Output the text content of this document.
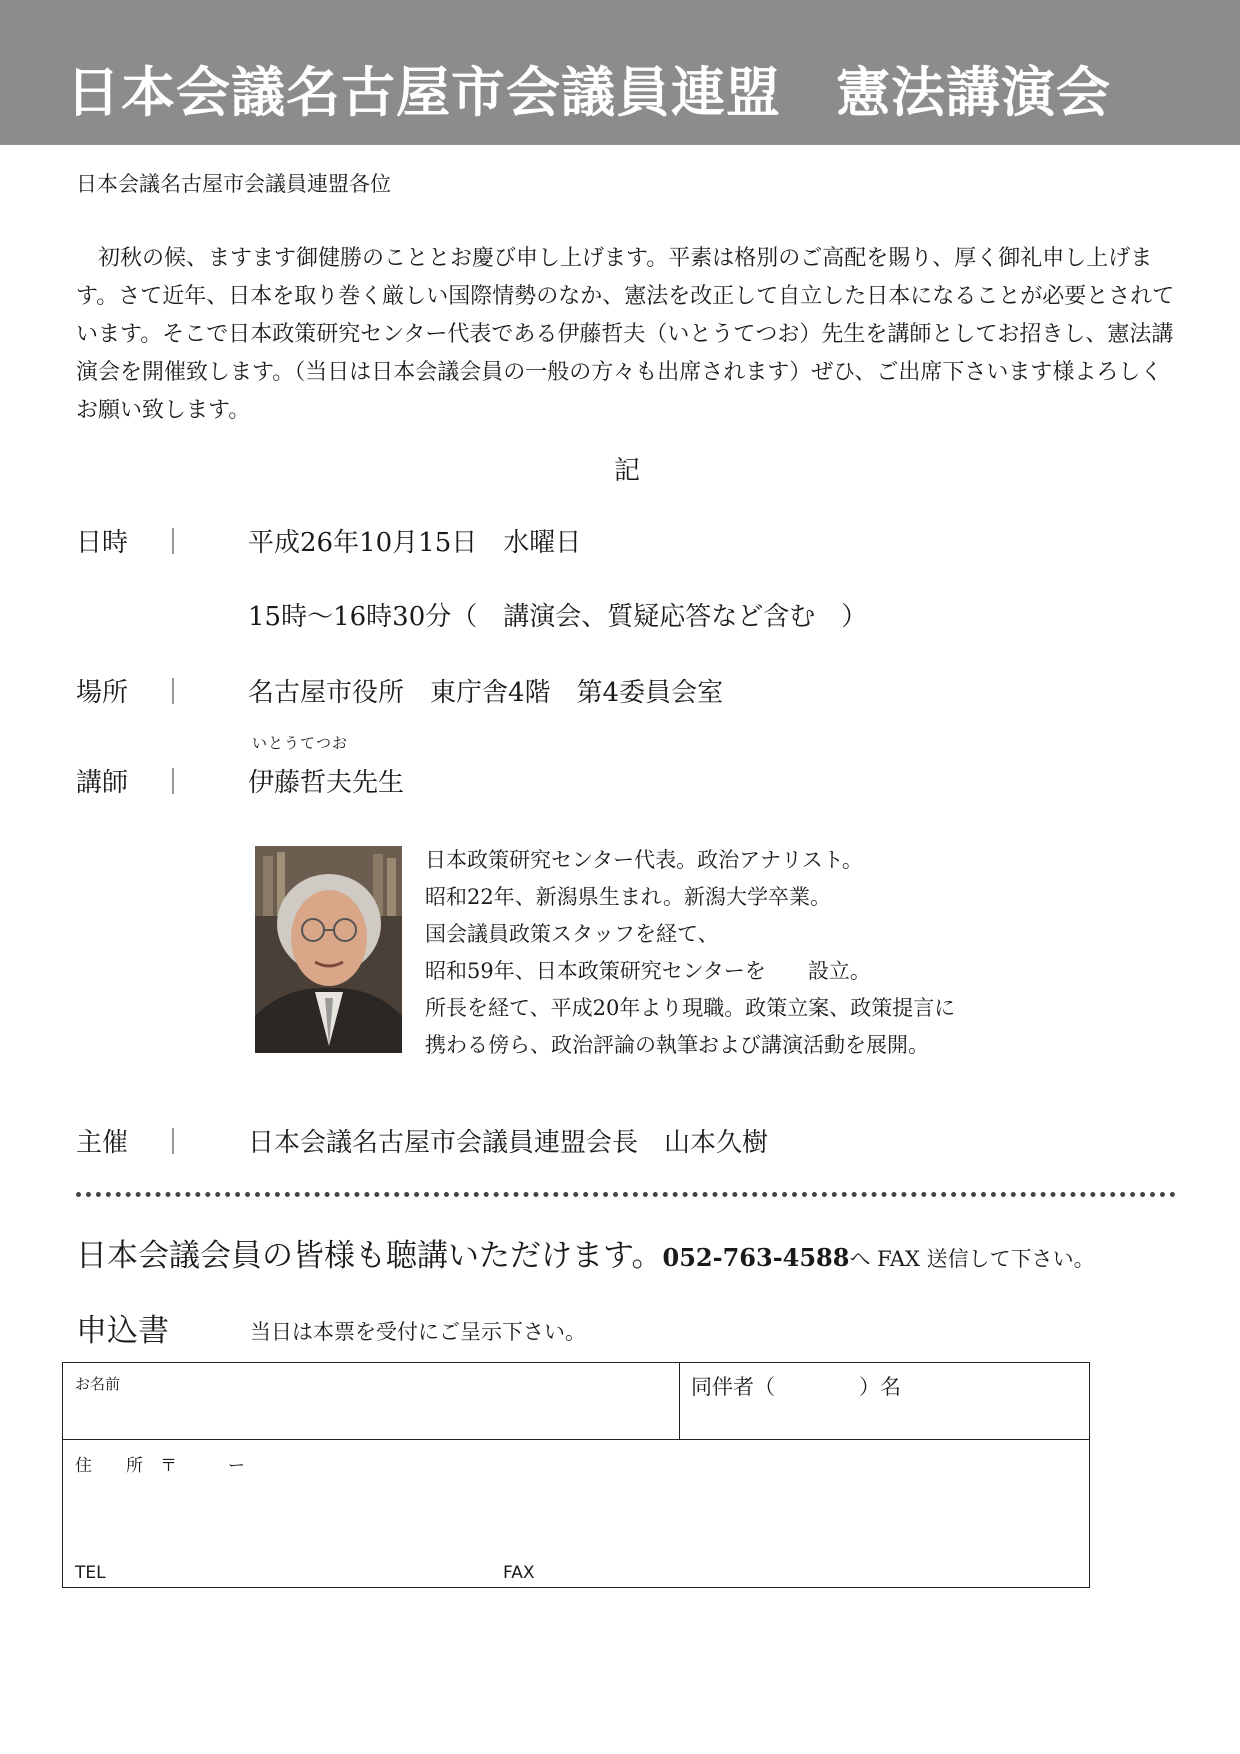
日本会議名古屋市会議員連盟　憲法講演会
日本会議名古屋市会議員連盟各位

　初秋の候、ますます御健勝のこととお慶び申し上げます。平素は格別のご高配を賜り、厚く御礼申し上げます。さて近年、日本を取り巻く厳しい国際情勢のなか、憲法を改正して自立した日本になることが必要とされています。そこで日本政策研究センター代表である伊藤哲夫（いとうてつお）先生を講師としてお招きし、憲法講演会を開催致します。（当日は日本会議会員の一般の方々も出席されます）ぜひ、ご出席下さいます様よろしくお願い致します。

記
日時 ｜ 平成26年10月15日　水曜日
15時～16時30分（　講演会、質疑応答など含む　）
場所 ｜ 名古屋市役所　東庁舎4階　第4委員会室
いとうてつお
講師 ｜ 伊藤哲夫先生
日本政策研究センター代表。政治アナリスト。
昭和22年、新潟県生まれ。新潟大学卒業。
国会議員政策スタッフを経て、
昭和59年、日本政策研究センターを　　設立。
所長を経て、平成20年より現職。政策立案、政策提言に
携わる傍ら、政治評論の執筆および講演活動を展開。
主催 ｜ 日本会議名古屋市会議員連盟会長　山本久樹
日本会議会員の皆様も聴講いただけます。052-763-4588へ FAX 送信して下さい。
申込書	当日は本票を受付にご呈示下さい。
お名前	同伴者（　　　　）名
住　　所　〒　　　ー
TEL	FAX
